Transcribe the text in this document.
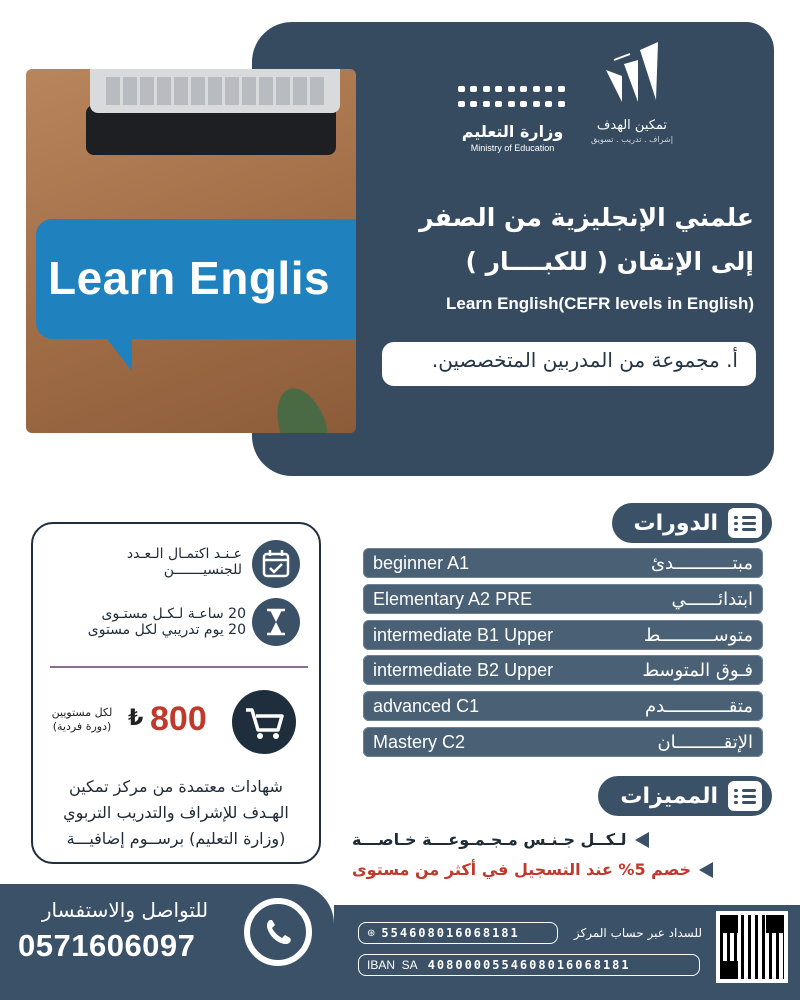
Learn Englis
وزارة التعليم
Ministry of Education
تمكين الهدف
إشراف . تدريب . تسويق
علمني الإنجليزية من الصفر
إلى الإتقان ( للكبــــار )
Learn English(CEFR levels in English)
أ. مجموعة من المدربين المتخصصين.
عـنـد اكتمـال الـعـدد
للجنسيـــــــن
20 ساعـة لـكـل مستـوى
20 يوم تدريبي لكل مستوى
800
₺
لكل مستويين
(دورة فردية)
شهادات معتمدة من مركز تمكين
الهـدف للإشراف والتدريب التربوي
(وزارة التعليم) برســوم إضافيـــة
الدورات
beginner A1	مبتـــــــــــدئ
Elementary A2 PRE	ابتدائــــــي
intermediate B1 Upper	متوســــــــــط
intermediate B2 Upper	فـوق المتوسط
advanced C1	متقــــــــــــدم
Mastery C2	الإتقـــــــــان
المميزات
لـكــل جـنـس مـجـمـوعـــة خـاصـــة
خصم 5% عند التسجيل في أكثر من مستوى
للتواصل والاستفسار
0571606097	للسداد عبر حساب المركز
⊛ 554608016068181
IBAN  SA 4080000554608016068181
